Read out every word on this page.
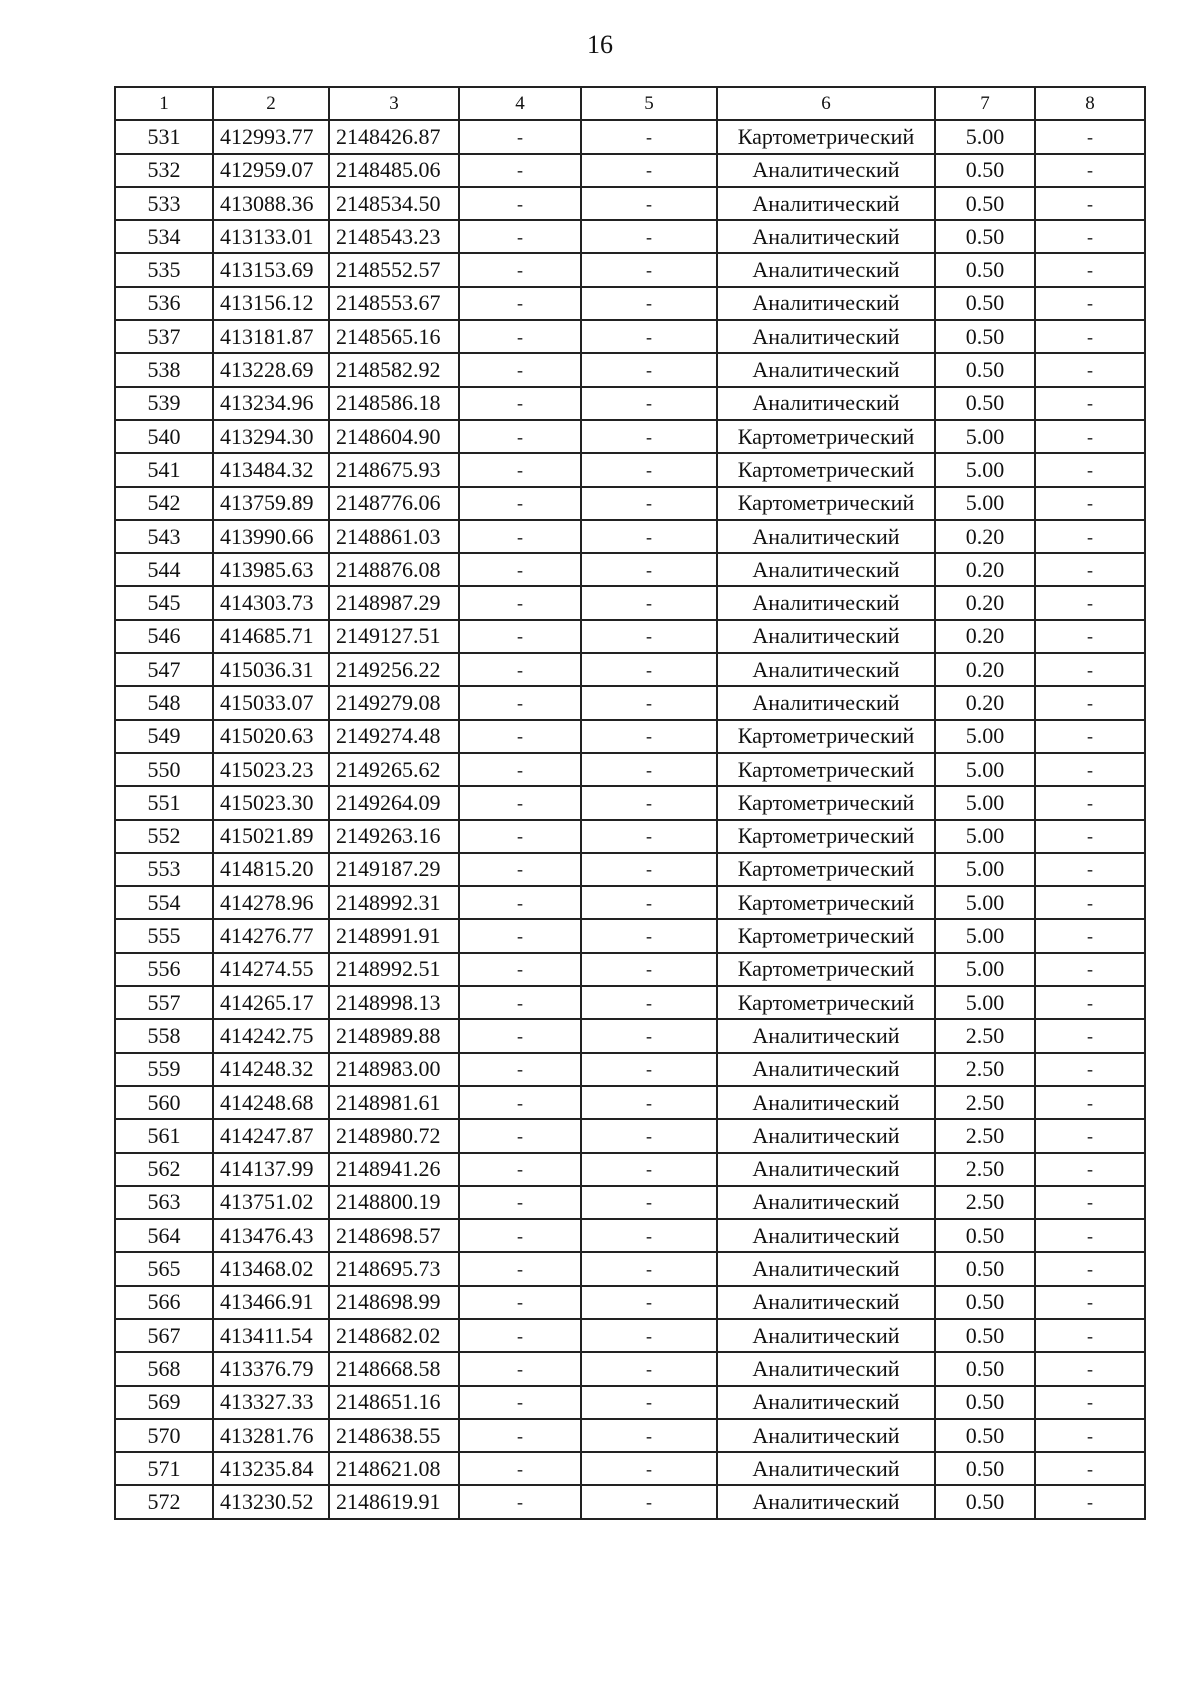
16
1	2	3	4	5	6	7	8
531	412993.77	2148426.87	-	-	Картометрический	5.00	-
532	412959.07	2148485.06	-	-	Аналитический	0.50	-
533	413088.36	2148534.50	-	-	Аналитический	0.50	-
534	413133.01	2148543.23	-	-	Аналитический	0.50	-
535	413153.69	2148552.57	-	-	Аналитический	0.50	-
536	413156.12	2148553.67	-	-	Аналитический	0.50	-
537	413181.87	2148565.16	-	-	Аналитический	0.50	-
538	413228.69	2148582.92	-	-	Аналитический	0.50	-
539	413234.96	2148586.18	-	-	Аналитический	0.50	-
540	413294.30	2148604.90	-	-	Картометрический	5.00	-
541	413484.32	2148675.93	-	-	Картометрический	5.00	-
542	413759.89	2148776.06	-	-	Картометрический	5.00	-
543	413990.66	2148861.03	-	-	Аналитический	0.20	-
544	413985.63	2148876.08	-	-	Аналитический	0.20	-
545	414303.73	2148987.29	-	-	Аналитический	0.20	-
546	414685.71	2149127.51	-	-	Аналитический	0.20	-
547	415036.31	2149256.22	-	-	Аналитический	0.20	-
548	415033.07	2149279.08	-	-	Аналитический	0.20	-
549	415020.63	2149274.48	-	-	Картометрический	5.00	-
550	415023.23	2149265.62	-	-	Картометрический	5.00	-
551	415023.30	2149264.09	-	-	Картометрический	5.00	-
552	415021.89	2149263.16	-	-	Картометрический	5.00	-
553	414815.20	2149187.29	-	-	Картометрический	5.00	-
554	414278.96	2148992.31	-	-	Картометрический	5.00	-
555	414276.77	2148991.91	-	-	Картометрический	5.00	-
556	414274.55	2148992.51	-	-	Картометрический	5.00	-
557	414265.17	2148998.13	-	-	Картометрический	5.00	-
558	414242.75	2148989.88	-	-	Аналитический	2.50	-
559	414248.32	2148983.00	-	-	Аналитический	2.50	-
560	414248.68	2148981.61	-	-	Аналитический	2.50	-
561	414247.87	2148980.72	-	-	Аналитический	2.50	-
562	414137.99	2148941.26	-	-	Аналитический	2.50	-
563	413751.02	2148800.19	-	-	Аналитический	2.50	-
564	413476.43	2148698.57	-	-	Аналитический	0.50	-
565	413468.02	2148695.73	-	-	Аналитический	0.50	-
566	413466.91	2148698.99	-	-	Аналитический	0.50	-
567	413411.54	2148682.02	-	-	Аналитический	0.50	-
568	413376.79	2148668.58	-	-	Аналитический	0.50	-
569	413327.33	2148651.16	-	-	Аналитический	0.50	-
570	413281.76	2148638.55	-	-	Аналитический	0.50	-
571	413235.84	2148621.08	-	-	Аналитический	0.50	-
572	413230.52	2148619.91	-	-	Аналитический	0.50	-
